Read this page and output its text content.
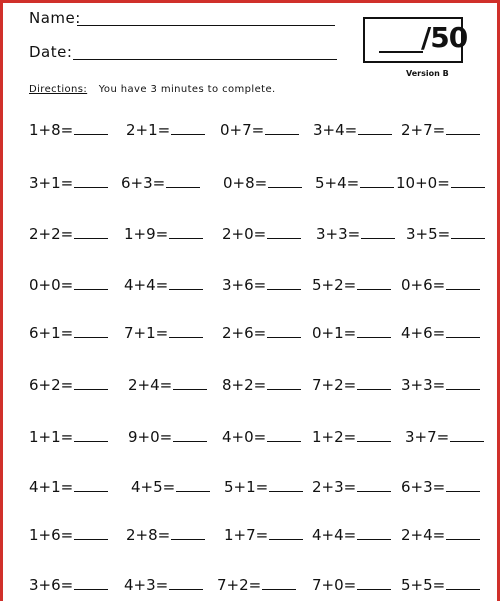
Name:
Date:	/50
Version B
Directions: You have 3 minutes to complete.
1+8=	2+1=	0+7=	3+4=	2+7=
3+1=	6+3=	0+8=	5+4=	10+0=
2+2=	1+9=	2+0=	3+3=	3+5=
0+0=	4+4=	3+6=	5+2=	0+6=
6+1=	7+1=	2+6=	0+1=	4+6=
6+2=	2+4=	8+2=	7+2=	3+3=
1+1=	9+0=	4+0=	1+2=	3+7=
4+1=	4+5=	5+1=	2+3=	6+3=
1+6=	2+8=	1+7=	4+4=	2+4=
3+6=	4+3=	7+2=	7+0=	5+5=
